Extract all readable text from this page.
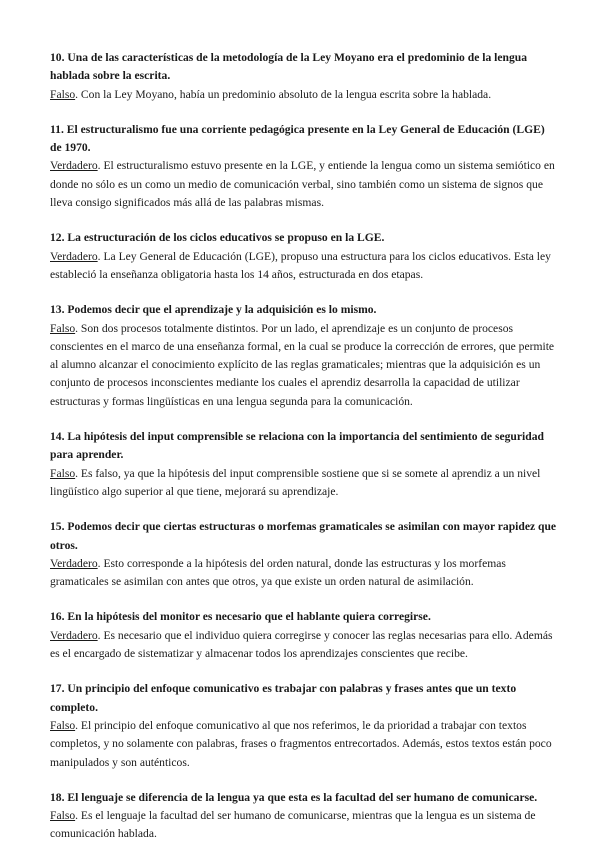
10. Una de las características de la metodología de la Ley Moyano era el predominio de la lengua hablada sobre la escrita.

Falso. Con la Ley Moyano, había un predominio absoluto de la lengua escrita sobre la hablada.

11. El estructuralismo fue una corriente pedagógica presente en la Ley General de Educación (LGE) de 1970.

Verdadero. El estructuralismo estuvo presente en la LGE, y entiende la lengua como un sistema semiótico en donde no sólo es un como un medio de comunicación verbal, sino también como un sistema de signos que lleva consigo significados más allá de las palabras mismas.

12. La estructuración de los ciclos educativos se propuso en la LGE.

Verdadero. La Ley General de Educación (LGE), propuso una estructura para los ciclos educativos. Esta ley estableció la enseñanza obligatoria hasta los 14 años, estructurada en dos etapas.

13. Podemos decir que el aprendizaje y la adquisición es lo mismo.

Falso. Son dos procesos totalmente distintos. Por un lado, el aprendizaje es un conjunto de procesos conscientes en el marco de una enseñanza formal, en la cual se produce la corrección de errores, que permite al alumno alcanzar el conocimiento explícito de las reglas gramaticales; mientras que la adquisición es un conjunto de procesos inconscientes mediante los cuales el aprendiz desarrolla la capacidad de utilizar estructuras y formas lingüísticas en una lengua segunda para la comunicación.

14. La hipótesis del input comprensible se relaciona con la importancia del sentimiento de seguridad para aprender.

Falso. Es falso, ya que la hipótesis del input comprensible sostiene que si se somete al aprendiz a un nivel lingüístico algo superior al que tiene, mejorará su aprendizaje.

15. Podemos decir que ciertas estructuras o morfemas gramaticales se asimilan con mayor rapidez que otros.

Verdadero. Esto corresponde a la hipótesis del orden natural, donde las estructuras y los morfemas gramaticales se asimilan con antes que otros, ya que existe un orden natural de asimilación.

16. En la hipótesis del monitor es necesario que el hablante quiera corregirse.

Verdadero. Es necesario que el individuo quiera corregirse y conocer las reglas necesarias para ello. Además es el encargado de sistematizar y almacenar todos los aprendizajes conscientes que recibe.

17. Un principio del enfoque comunicativo es trabajar con palabras y frases antes que un texto completo.

Falso. El principio del enfoque comunicativo al que nos referimos, le da prioridad a trabajar con textos completos, y no solamente con palabras, frases o fragmentos entrecortados. Además, estos textos están poco manipulados y son auténticos.

18. El lenguaje se diferencia de la lengua ya que esta es la facultad del ser humano de comunicarse.

Falso. Es el lenguaje la facultad del ser humano de comunicarse, mientras que la lengua es un sistema de comunicación hablada.
